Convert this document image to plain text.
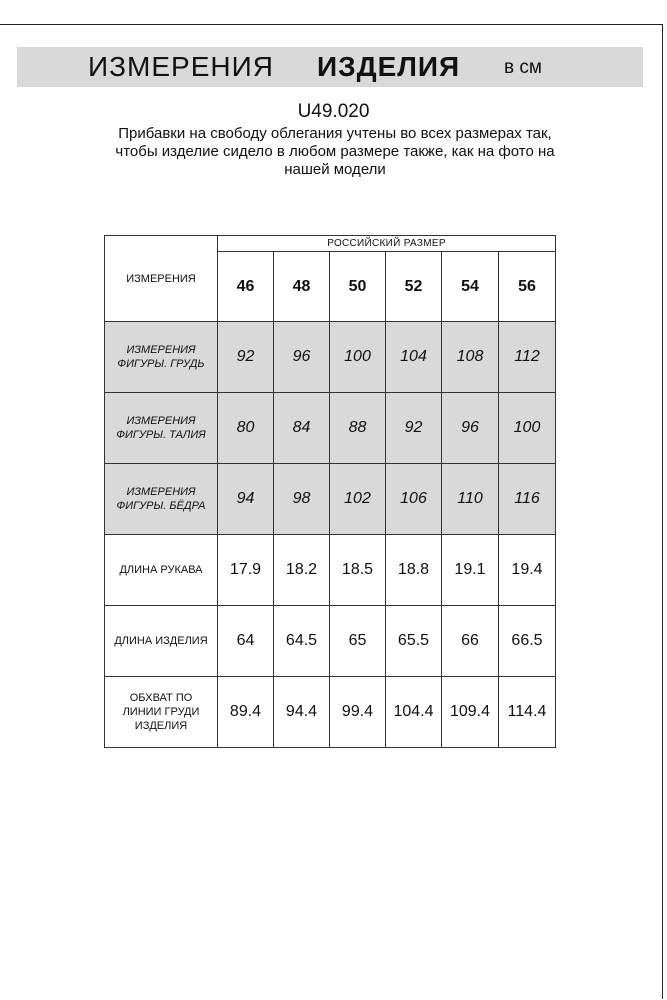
ИЗМЕРЕНИЯ ИЗДЕЛИЯ в см
U49.020
Прибавки на свободу облегания учтены во всех размерах так, чтобы изделие сидело в любом размере также, как на фото на нашей модели
ИЗМЕРЕНИЯ	РОССИЙСКИЙ РАЗМЕР					
	46	48	50	52	54	56

ИЗМЕРЕНИЯ
ФИГУРЫ. ГРУДЬ	92	96	100	104	108	112

ИЗМЕРЕНИЯ
ФИГУРЫ. ТАЛИЯ	80	84	88	92	96	100

ИЗМЕРЕНИЯ
ФИГУРЫ. БЁДРА	94	98	102	106	110	116

ДЛИНА РУКАВА	17.9	18.2	18.5	18.8	19.1	19.4

ДЛИНА ИЗДЕЛИЯ	64	64.5	65	65.5	66	66.5

ОБХВАТ ПО
ЛИНИИ ГРУДИ
ИЗДЕЛИЯ	89.4	94.4	99.4	104.4	109.4	114.4
